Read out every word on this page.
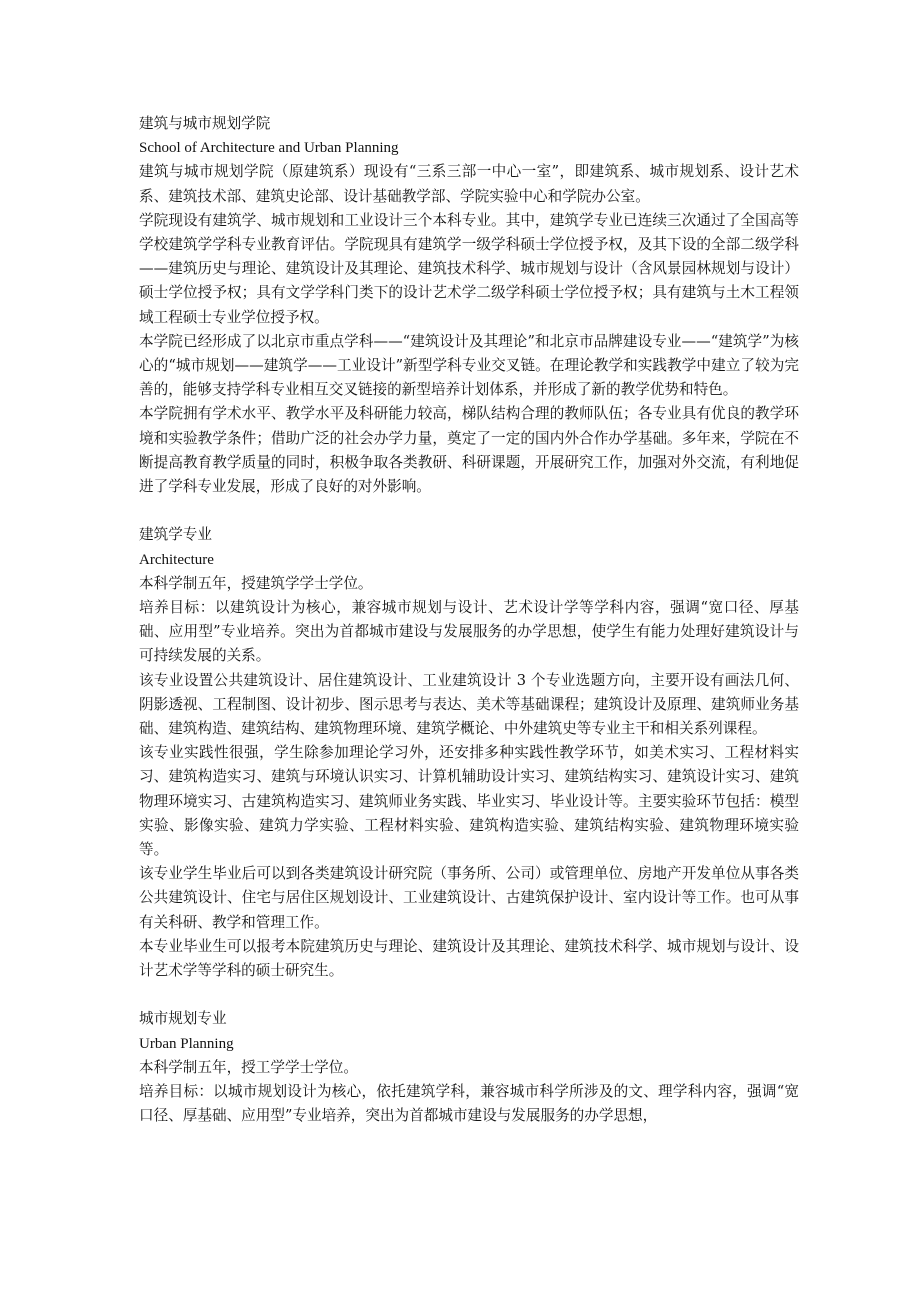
建筑与城市规划学院

School of Architecture and Urban Planning

建筑与城市规划学院（原建筑系）现设有“三系三部一中心一室”，即建筑系、城市规划系、设计艺术系、建筑技术部、建筑史论部、设计基础教学部、学院实验中心和学院办公室。

学院现设有建筑学、城市规划和工业设计三个本科专业。其中，建筑学专业已连续三次通过了全国高等学校建筑学学科专业教育评估。学院现具有建筑学一级学科硕士学位授予权，及其下设的全部二级学科——建筑历史与理论、建筑设计及其理论、建筑技术科学、城市规划与设计（含风景园林规划与设计）硕士学位授予权；具有文学学科门类下的设计艺术学二级学科硕士学位授予权；具有建筑与土木工程领域工程硕士专业学位授予权。

本学院已经形成了以北京市重点学科——“建筑设计及其理论”和北京市品牌建设专业——“建筑学”为核心的“城市规划——建筑学——工业设计”新型学科专业交叉链。在理论教学和实践教学中建立了较为完善的，能够支持学科专业相互交叉链接的新型培养计划体系，并形成了新的教学优势和特色。

本学院拥有学术水平、教学水平及科研能力较高，梯队结构合理的教师队伍；各专业具有优良的教学环境和实验教学条件；借助广泛的社会办学力量，奠定了一定的国内外合作办学基础。多年来，学院在不断提高教育教学质量的同时，积极争取各类教研、科研课题，开展研究工作，加强对外交流，有利地促进了学科专业发展，形成了良好的对外影响。

建筑学专业

Architecture

本科学制五年，授建筑学学士学位。

培养目标：以建筑设计为核心，兼容城市规划与设计、艺术设计学等学科内容，强调“宽口径、厚基础、应用型”专业培养。突出为首都城市建设与发展服务的办学思想，使学生有能力处理好建筑设计与可持续发展的关系。

该专业设置公共建筑设计、居住建筑设计、工业建筑设计 3 个专业选题方向，主要开设有画法几何、阴影透视、工程制图、设计初步、图示思考与表达、美术等基础课程；建筑设计及原理、建筑师业务基础、建筑构造、建筑结构、建筑物理环境、建筑学概论、中外建筑史等专业主干和相关系列课程。

该专业实践性很强，学生除参加理论学习外，还安排多种实践性教学环节，如美术实习、工程材料实习、建筑构造实习、建筑与环境认识实习、计算机辅助设计实习、建筑结构实习、建筑设计实习、建筑物理环境实习、古建筑构造实习、建筑师业务实践、毕业实习、毕业设计等。主要实验环节包括：模型实验、影像实验、建筑力学实验、工程材料实验、建筑构造实验、建筑结构实验、建筑物理环境实验等。

该专业学生毕业后可以到各类建筑设计研究院（事务所、公司）或管理单位、房地产开发单位从事各类公共建筑设计、住宅与居住区规划设计、工业建筑设计、古建筑保护设计、室内设计等工作。也可从事有关科研、教学和管理工作。

本专业毕业生可以报考本院建筑历史与理论、建筑设计及其理论、建筑技术科学、城市规划与设计、设计艺术学等学科的硕士研究生。

城市规划专业

Urban Planning

本科学制五年，授工学学士学位。

培养目标：以城市规划设计为核心，依托建筑学科，兼容城市科学所涉及的文、理学科内容，强调“宽口径、厚基础、应用型”专业培养，突出为首都城市建设与发展服务的办学思想，
